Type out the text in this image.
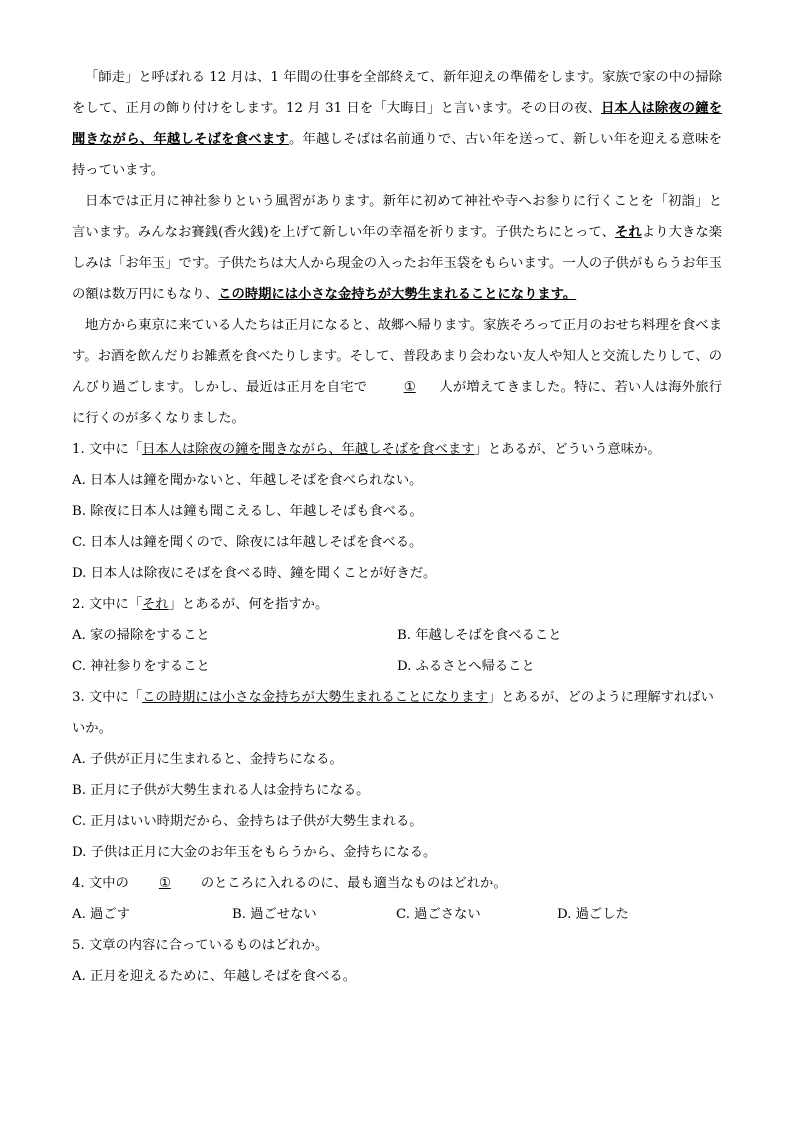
「師走」と呼ばれる 12 月は、1 年間の仕事を全部終えて、新年迎えの準備をします。家族で家の中の掃除をして、正月の飾り付けをします。12 月 31 日を「大晦日」と言います。その日の夜、日本人は除夜の鐘を聞きながら、年越しそばを食べます。年越しそばは名前通りで、古い年を送って、新しい年を迎える意味を持っています。

日本では正月に神社参りという風習があります。新年に初めて神社や寺へお参りに行くことを「初詣」と言います。みんなお賽銭(香火銭)を上げて新しい年の幸福を祈ります。子供たちにとって、それより大きな楽しみは「お年玉」です。子供たちは大人から現金の入ったお年玉袋をもらいます。一人の子供がもらうお年玉の額は数万円にもなり、この時期には小さな金持ちが大勢生まれることになります。

地方から東京に来ている人たちは正月になると、故郷へ帰ります。家族そろって正月のおせち料理を食べます。お酒を飲んだりお雑煮を食べたりします。そして、普段あまり会わない友人や知人と交流したりして、のんびり過ごします。しかし、最近は正月を自宅で	① 人が増えてきました。特に、若い人は海外旅行に行くのが多くなりました。

1. 文中に「日本人は除夜の鐘を聞きながら、年越しそばを食べます」とあるが、どういう意味か。

A. 日本人は鐘を聞かないと、年越しそばを食べられない。

B. 除夜に日本人は鐘も聞こえるし、年越しそばも食べる。

C. 日本人は鐘を聞くので、除夜には年越しそばを食べる。

D. 日本人は除夜にそばを食べる時、鐘を聞くことが好きだ。

2. 文中に「それ」とあるが、何を指すか。

A. 家の掃除をすること	B. 年越しそばを食べること
C. 神社参りをすること	D. ふるさとへ帰ること

3. 文中に「この時期には小さな金持ちが大勢生まれることになります」とあるが、どのように理解すればいいか。

A. 子供が正月に生まれると、金持ちになる。

B. 正月に子供が大勢生まれる人は金持ちになる。

C. 正月はいい時期だから、金持ちは子供が大勢生まれる。

D. 子供は正月に大金のお年玉をもらうから、金持ちになる。

4. 文中の ① のところに入れるのに、最も適当なものはどれか。

A. 過ごす	B. 過ごせない	C. 過ごさない	D. 過ごした

5. 文章の内容に合っているものはどれか。

A. 正月を迎えるために、年越しそばを食べる。
